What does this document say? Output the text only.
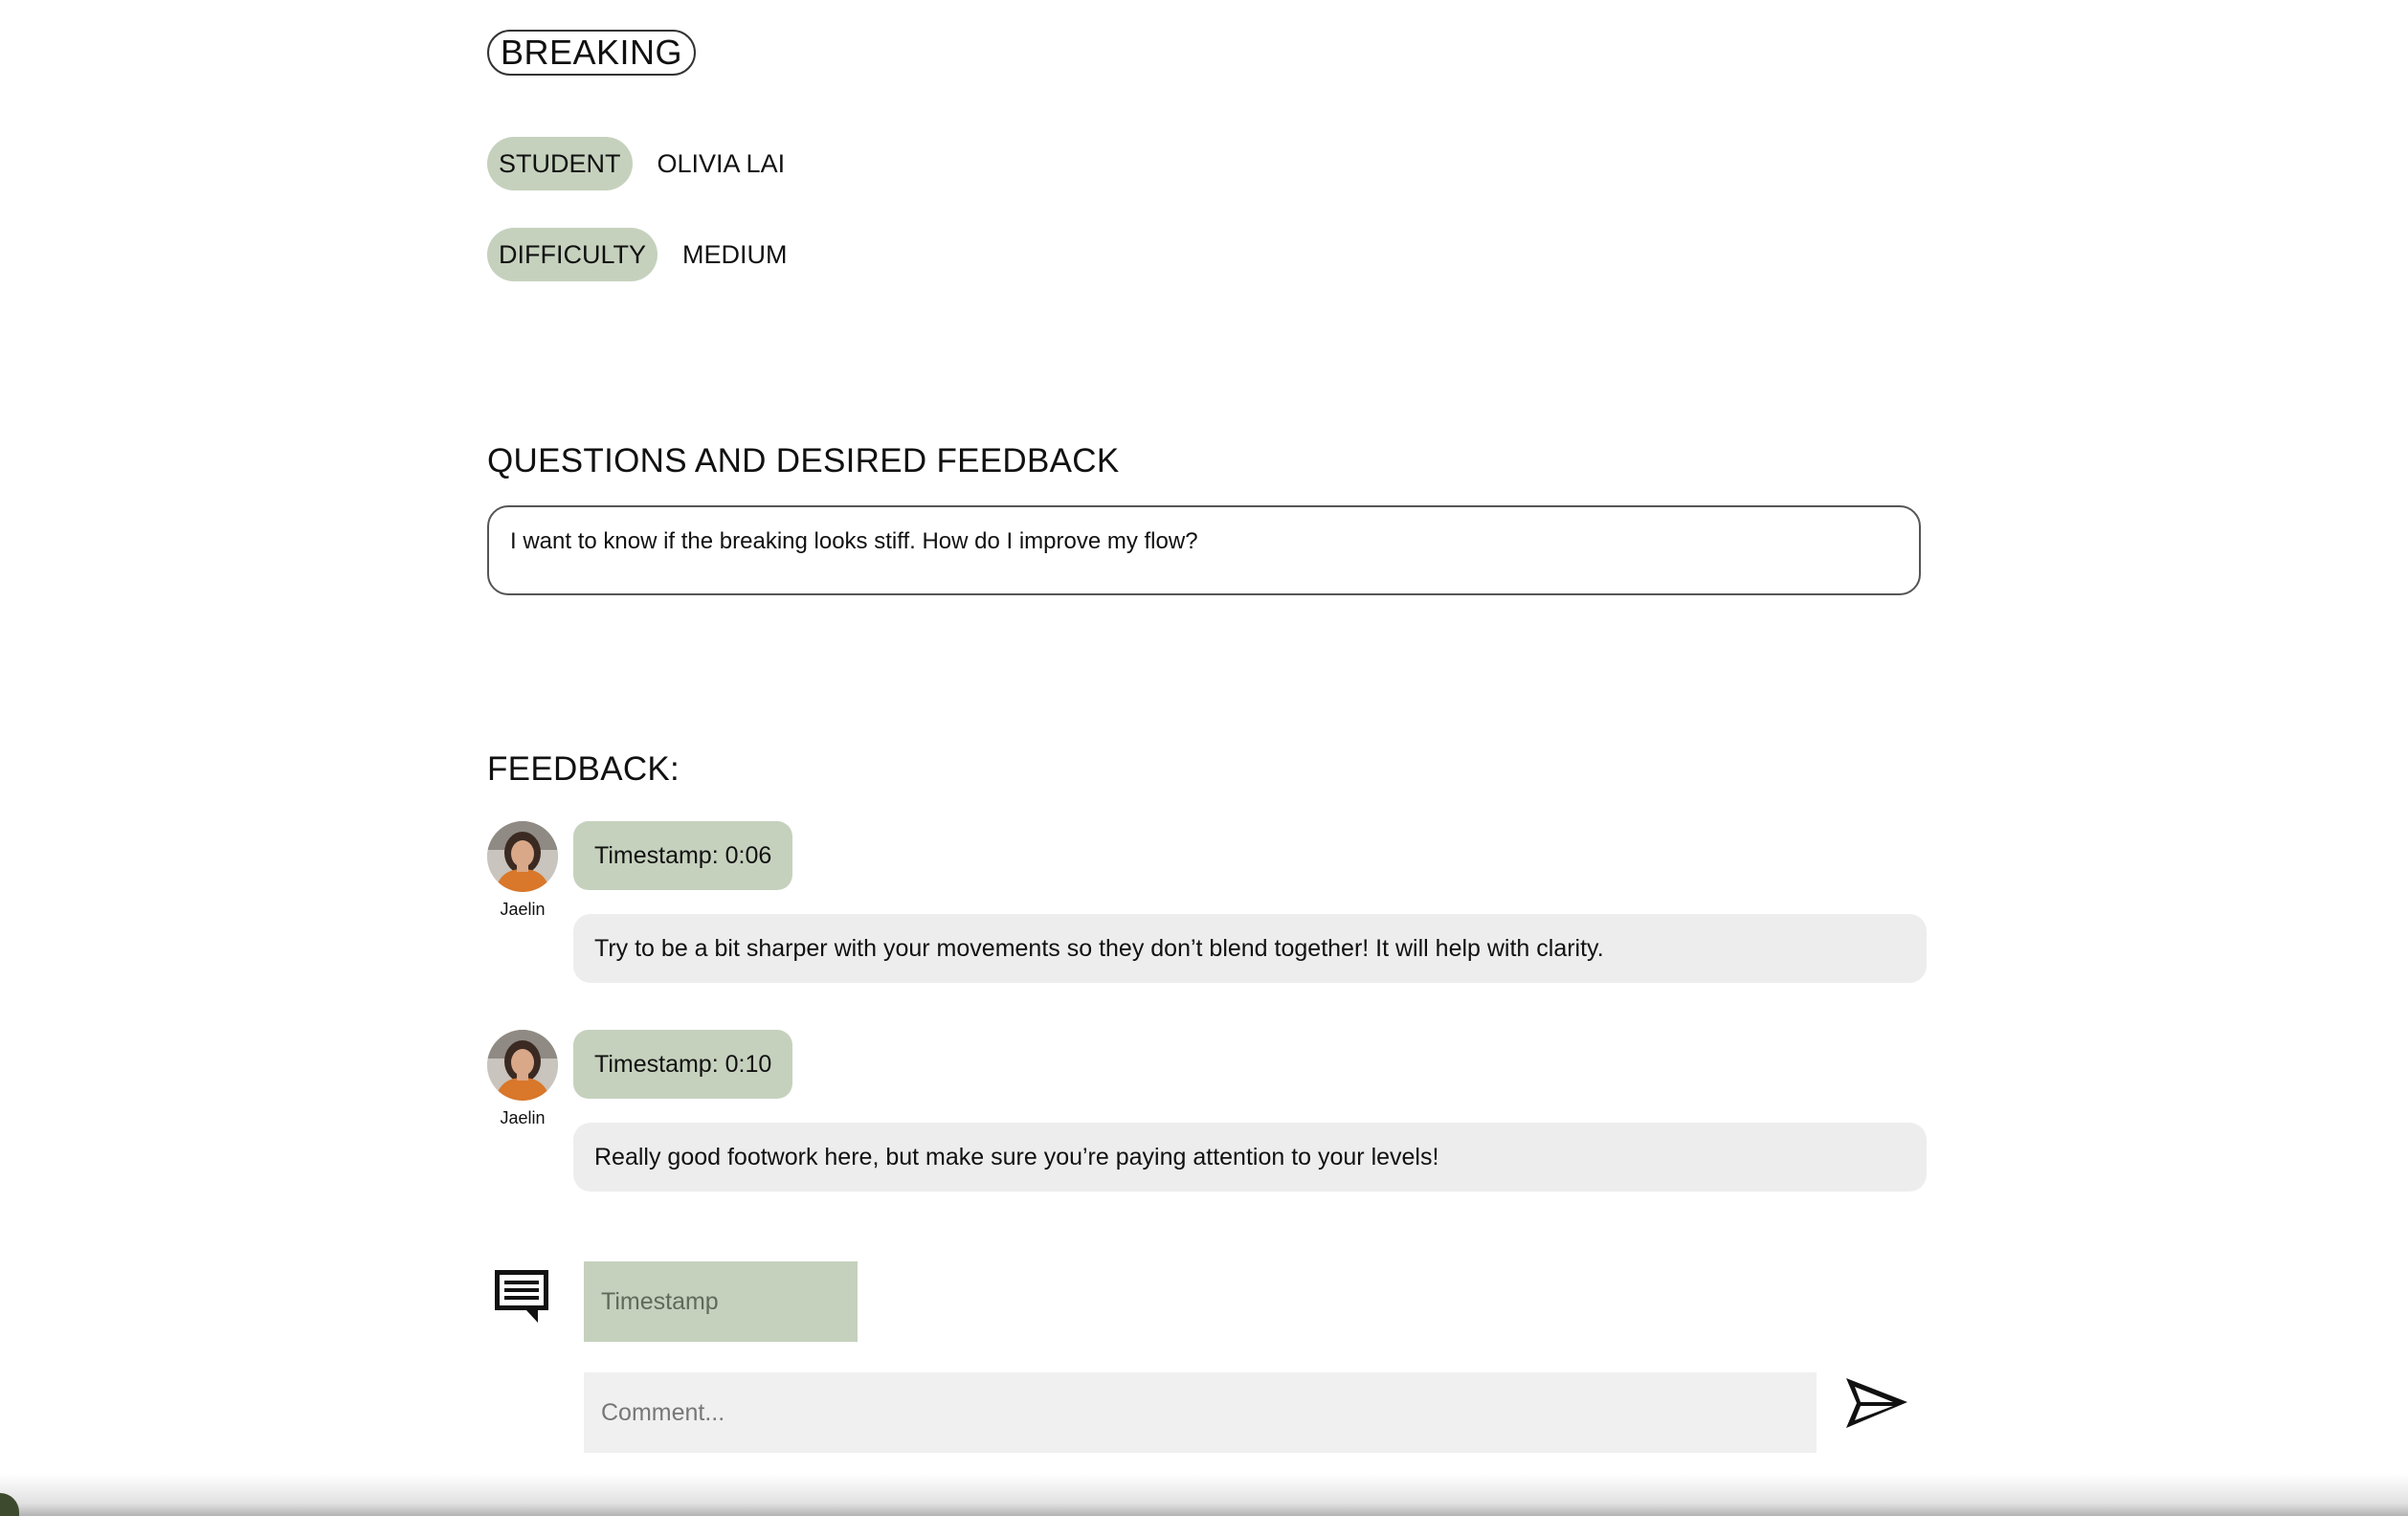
BREAKING
STUDENT	OLIVIA LAI
DIFFICULTY	MEDIUM
QUESTIONS AND DESIRED FEEDBACK
I want to know if the breaking looks stiff. How do I improve my flow?
FEEDBACK:
Jaelin
Timestamp: 0:06
Try to be a bit sharper with your movements so they don’t blend together! It will help with clarity.
Jaelin
Timestamp: 0:10
Really good footwork here, but make sure you’re paying attention to your levels!
Timestamp
Comment...
